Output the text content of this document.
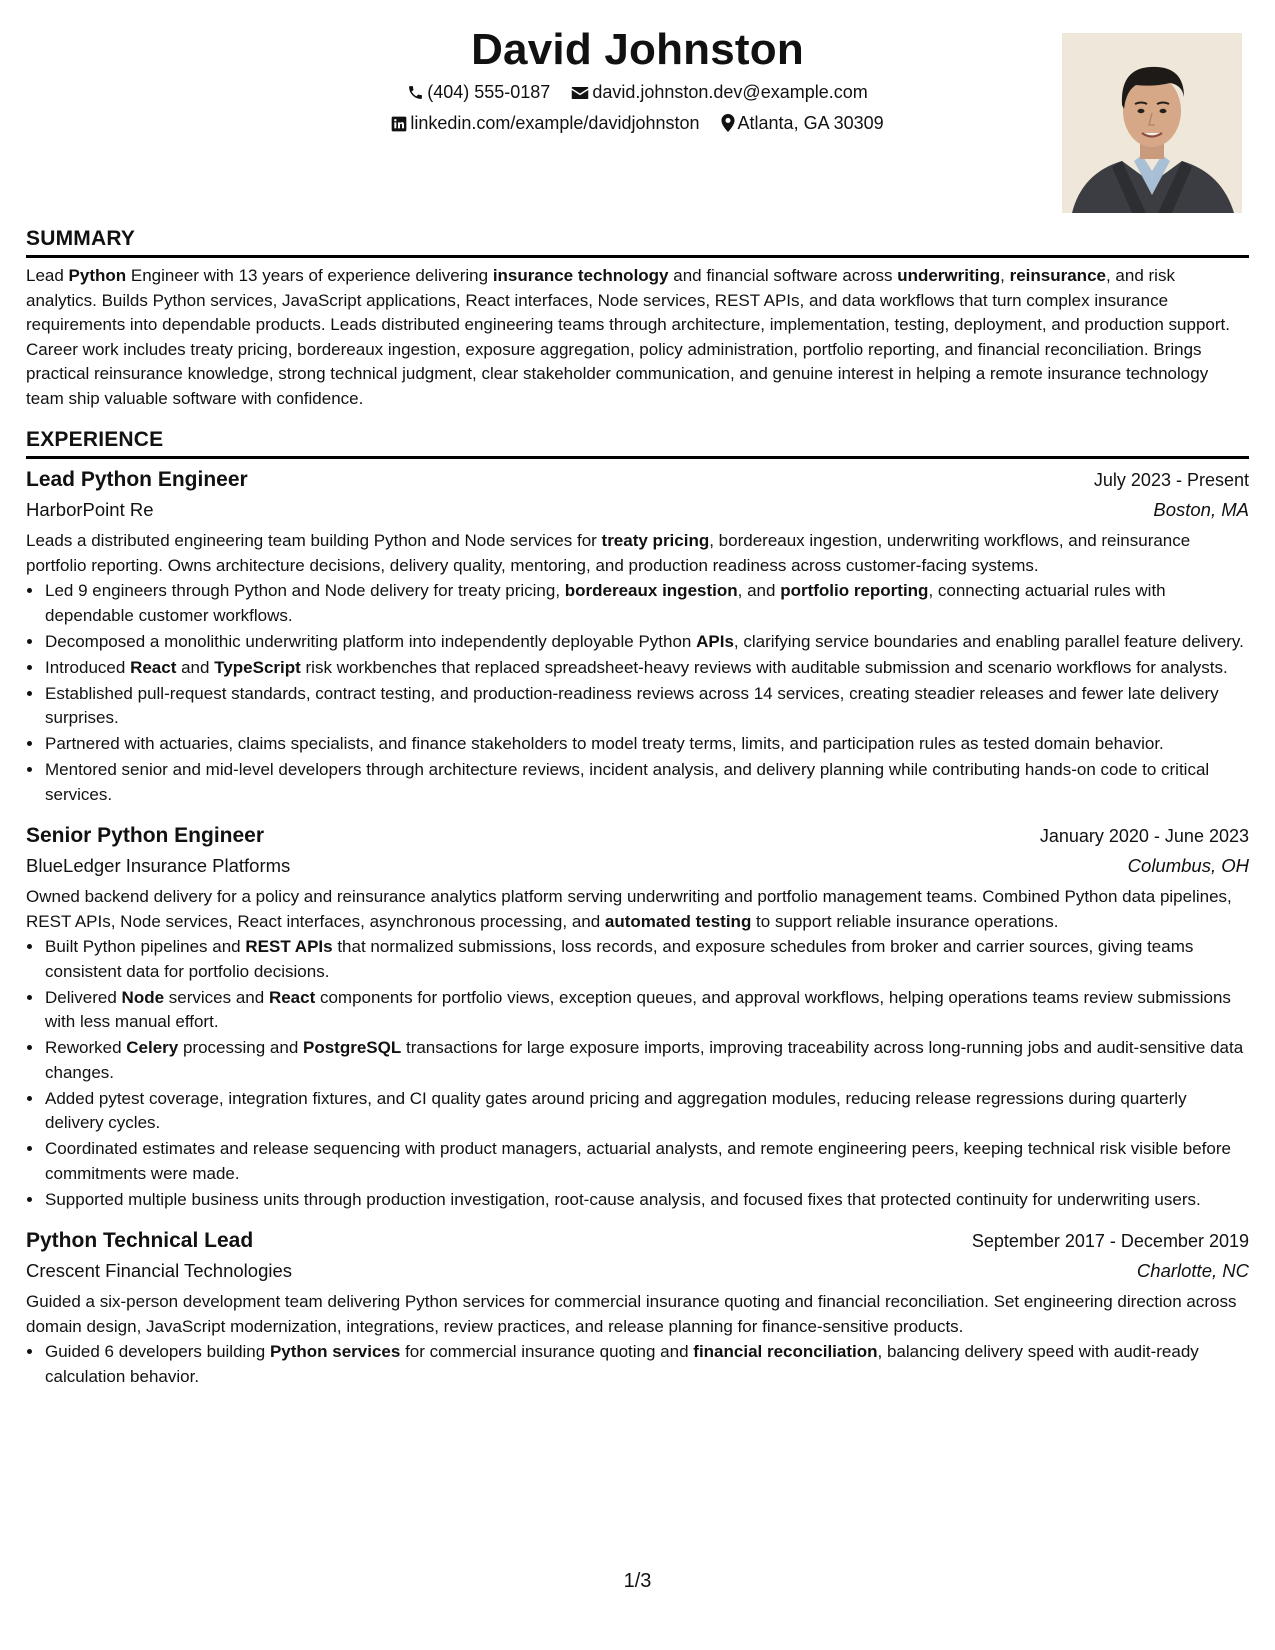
David Johnston
(404) 555-0187 david.johnston.dev@example.com
linkedin.com/example/davidjohnston Atlanta, GA 30309
SUMMARY

Lead Python Engineer with 13 years of experience delivering insurance technology and financial software across underwriting, reinsurance, and risk analytics. Builds Python services, JavaScript applications, React interfaces, Node services, REST APIs, and data workflows that turn complex insurance requirements into dependable products. Leads distributed engineering teams through architecture, implementation, testing, deployment, and production support. Career work includes treaty pricing, bordereaux ingestion, exposure aggregation, policy administration, portfolio reporting, and financial reconciliation. Brings practical reinsurance knowledge, strong technical judgment, clear stakeholder communication, and genuine interest in helping a remote insurance technology team ship valuable software with confidence.

EXPERIENCE
Lead Python Engineer	July 2023 - Present
HarborPoint Re	Boston, MA
Leads a distributed engineering team building Python and Node services for treaty pricing, bordereaux ingestion, underwriting workflows, and reinsurance portfolio reporting. Owns architecture decisions, delivery quality, mentoring, and production readiness across customer-facing systems.
• Led 9 engineers through Python and Node delivery for treaty pricing, bordereaux ingestion, and portfolio reporting, connecting actuarial rules with dependable customer workflows.
• Decomposed a monolithic underwriting platform into independently deployable Python APIs, clarifying service boundaries and enabling parallel feature delivery.
• Introduced React and TypeScript risk workbenches that replaced spreadsheet-heavy reviews with auditable submission and scenario workflows for analysts.
• Established pull-request standards, contract testing, and production-readiness reviews across 14 services, creating steadier releases and fewer late delivery surprises.
• Partnered with actuaries, claims specialists, and finance stakeholders to model treaty terms, limits, and participation rules as tested domain behavior.
• Mentored senior and mid-level developers through architecture reviews, incident analysis, and delivery planning while contributing hands-on code to critical services.
Senior Python Engineer	January 2020 - June 2023
BlueLedger Insurance Platforms	Columbus, OH
Owned backend delivery for a policy and reinsurance analytics platform serving underwriting and portfolio management teams. Combined Python data pipelines, REST APIs, Node services, React interfaces, asynchronous processing, and automated testing to support reliable insurance operations.
• Built Python pipelines and REST APIs that normalized submissions, loss records, and exposure schedules from broker and carrier sources, giving teams consistent data for portfolio decisions.
• Delivered Node services and React components for portfolio views, exception queues, and approval workflows, helping operations teams review submissions with less manual effort.
• Reworked Celery processing and PostgreSQL transactions for large exposure imports, improving traceability across long-running jobs and audit-sensitive data changes.
• Added pytest coverage, integration fixtures, and CI quality gates around pricing and aggregation modules, reducing release regressions during quarterly delivery cycles.
• Coordinated estimates and release sequencing with product managers, actuarial analysts, and remote engineering peers, keeping technical risk visible before commitments were made.
• Supported multiple business units through production investigation, root-cause analysis, and focused fixes that protected continuity for underwriting users.
Python Technical Lead	September 2017 - December 2019
Crescent Financial Technologies	Charlotte, NC
Guided a six-person development team delivering Python services for commercial insurance quoting and financial reconciliation. Set engineering direction across domain design, JavaScript modernization, integrations, review practices, and release planning for finance-sensitive products.
• Guided 6 developers building Python services for commercial insurance quoting and financial reconciliation, balancing delivery speed with audit-ready calculation behavior.
1/3
